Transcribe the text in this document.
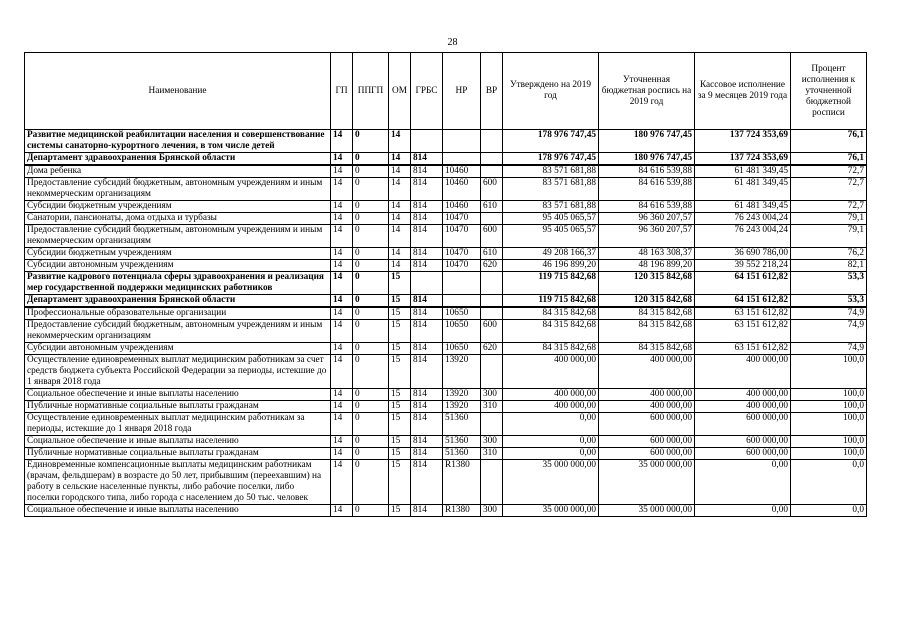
28
Наименование	ГП	ППГП	ОМ	ГРБС	НР	ВР	Утверждено на 2019 год	Уточненная бюджетная роспись на 2019 год	Кассовое исполнение за 9 месяцев 2019 года	Процент исполнения к уточненной бюджетной росписи
Развитие медицинской реабилитации населения и совершенствование системы санаторно-курортного лечения, в том числе детей	14	0	14				178 976 747,45	180 976 747,45	137 724 353,69	76,1
Департамент здравоохранения Брянской области	14	0	14	814			178 976 747,45	180 976 747,45	137 724 353,69	76,1
Дома ребенка	14	0	14	814	10460		83 571 681,88	84 616 539,88	61 481 349,45	72,7
Предоставление субсидий бюджетным, автономным учреждениям и иным некоммерческим организациям	14	0	14	814	10460	600	83 571 681,88	84 616 539,88	61 481 349,45	72,7
Субсидии бюджетным учреждениям	14	0	14	814	10460	610	83 571 681,88	84 616 539,88	61 481 349,45	72,7
Санатории, пансионаты, дома отдыха и турбазы	14	0	14	814	10470		95 405 065,57	96 360 207,57	76 243 004,24	79,1
Предоставление субсидий бюджетным, автономным учреждениям и иным некоммерческим организациям	14	0	14	814	10470	600	95 405 065,57	96 360 207,57	76 243 004,24	79,1
Субсидии бюджетным учреждениям	14	0	14	814	10470	610	49 208 166,37	48 163 308,37	36 690 786,00	76,2
Субсидии автономным учреждениям	14	0	14	814	10470	620	46 196 899,20	48 196 899,20	39 552 218,24	82,1
Развитие кадрового потенциала сферы здравоохранения и реализация мер государственной поддержки медицинских работников	14	0	15				119 715 842,68	120 315 842,68	64 151 612,82	53,3
Департамент здравоохранения Брянской области	14	0	15	814			119 715 842,68	120 315 842,68	64 151 612,82	53,3
Профессиональные образовательные организации	14	0	15	814	10650		84 315 842,68	84 315 842,68	63 151 612,82	74,9
Предоставление субсидий бюджетным, автономным учреждениям и иным некоммерческим организациям	14	0	15	814	10650	600	84 315 842,68	84 315 842,68	63 151 612,82	74,9
Субсидии автономным учреждениям	14	0	15	814	10650	620	84 315 842,68	84 315 842,68	63 151 612,82	74,9
Осуществление единовременных выплат медицинским работникам за счет средств бюджета субъекта Российской Федерации за периоды, истекшие до 1 января 2018 года	14	0	15	814	13920		400 000,00	400 000,00	400 000,00	100,0
Социальное обеспечение и иные выплаты населению	14	0	15	814	13920	300	400 000,00	400 000,00	400 000,00	100,0
Публичные нормативные социальные выплаты гражданам	14	0	15	814	13920	310	400 000,00	400 000,00	400 000,00	100,0
Осуществление единовременных выплат медицинским работникам за периоды, истекшие до 1 января 2018 года	14	0	15	814	51360		0,00	600 000,00	600 000,00	100,0
Социальное обеспечение и иные выплаты населению	14	0	15	814	51360	300	0,00	600 000,00	600 000,00	100,0
Публичные нормативные социальные выплаты гражданам	14	0	15	814	51360	310	0,00	600 000,00	600 000,00	100,0
Единовременные компенсационные выплаты медицинским работникам (врачам, фельдшерам) в возрасте до 50 лет, прибывшим (переехавшим) на работу в сельские населенные пункты, либо рабочие поселки, либо поселки городского типа, либо города с населением до 50 тыс. человек	14	0	15	814	R1380		35 000 000,00	35 000 000,00	0,00	0,0
Социальное обеспечение и иные выплаты населению	14	0	15	814	R1380	300	35 000 000,00	35 000 000,00	0,00	0,0
